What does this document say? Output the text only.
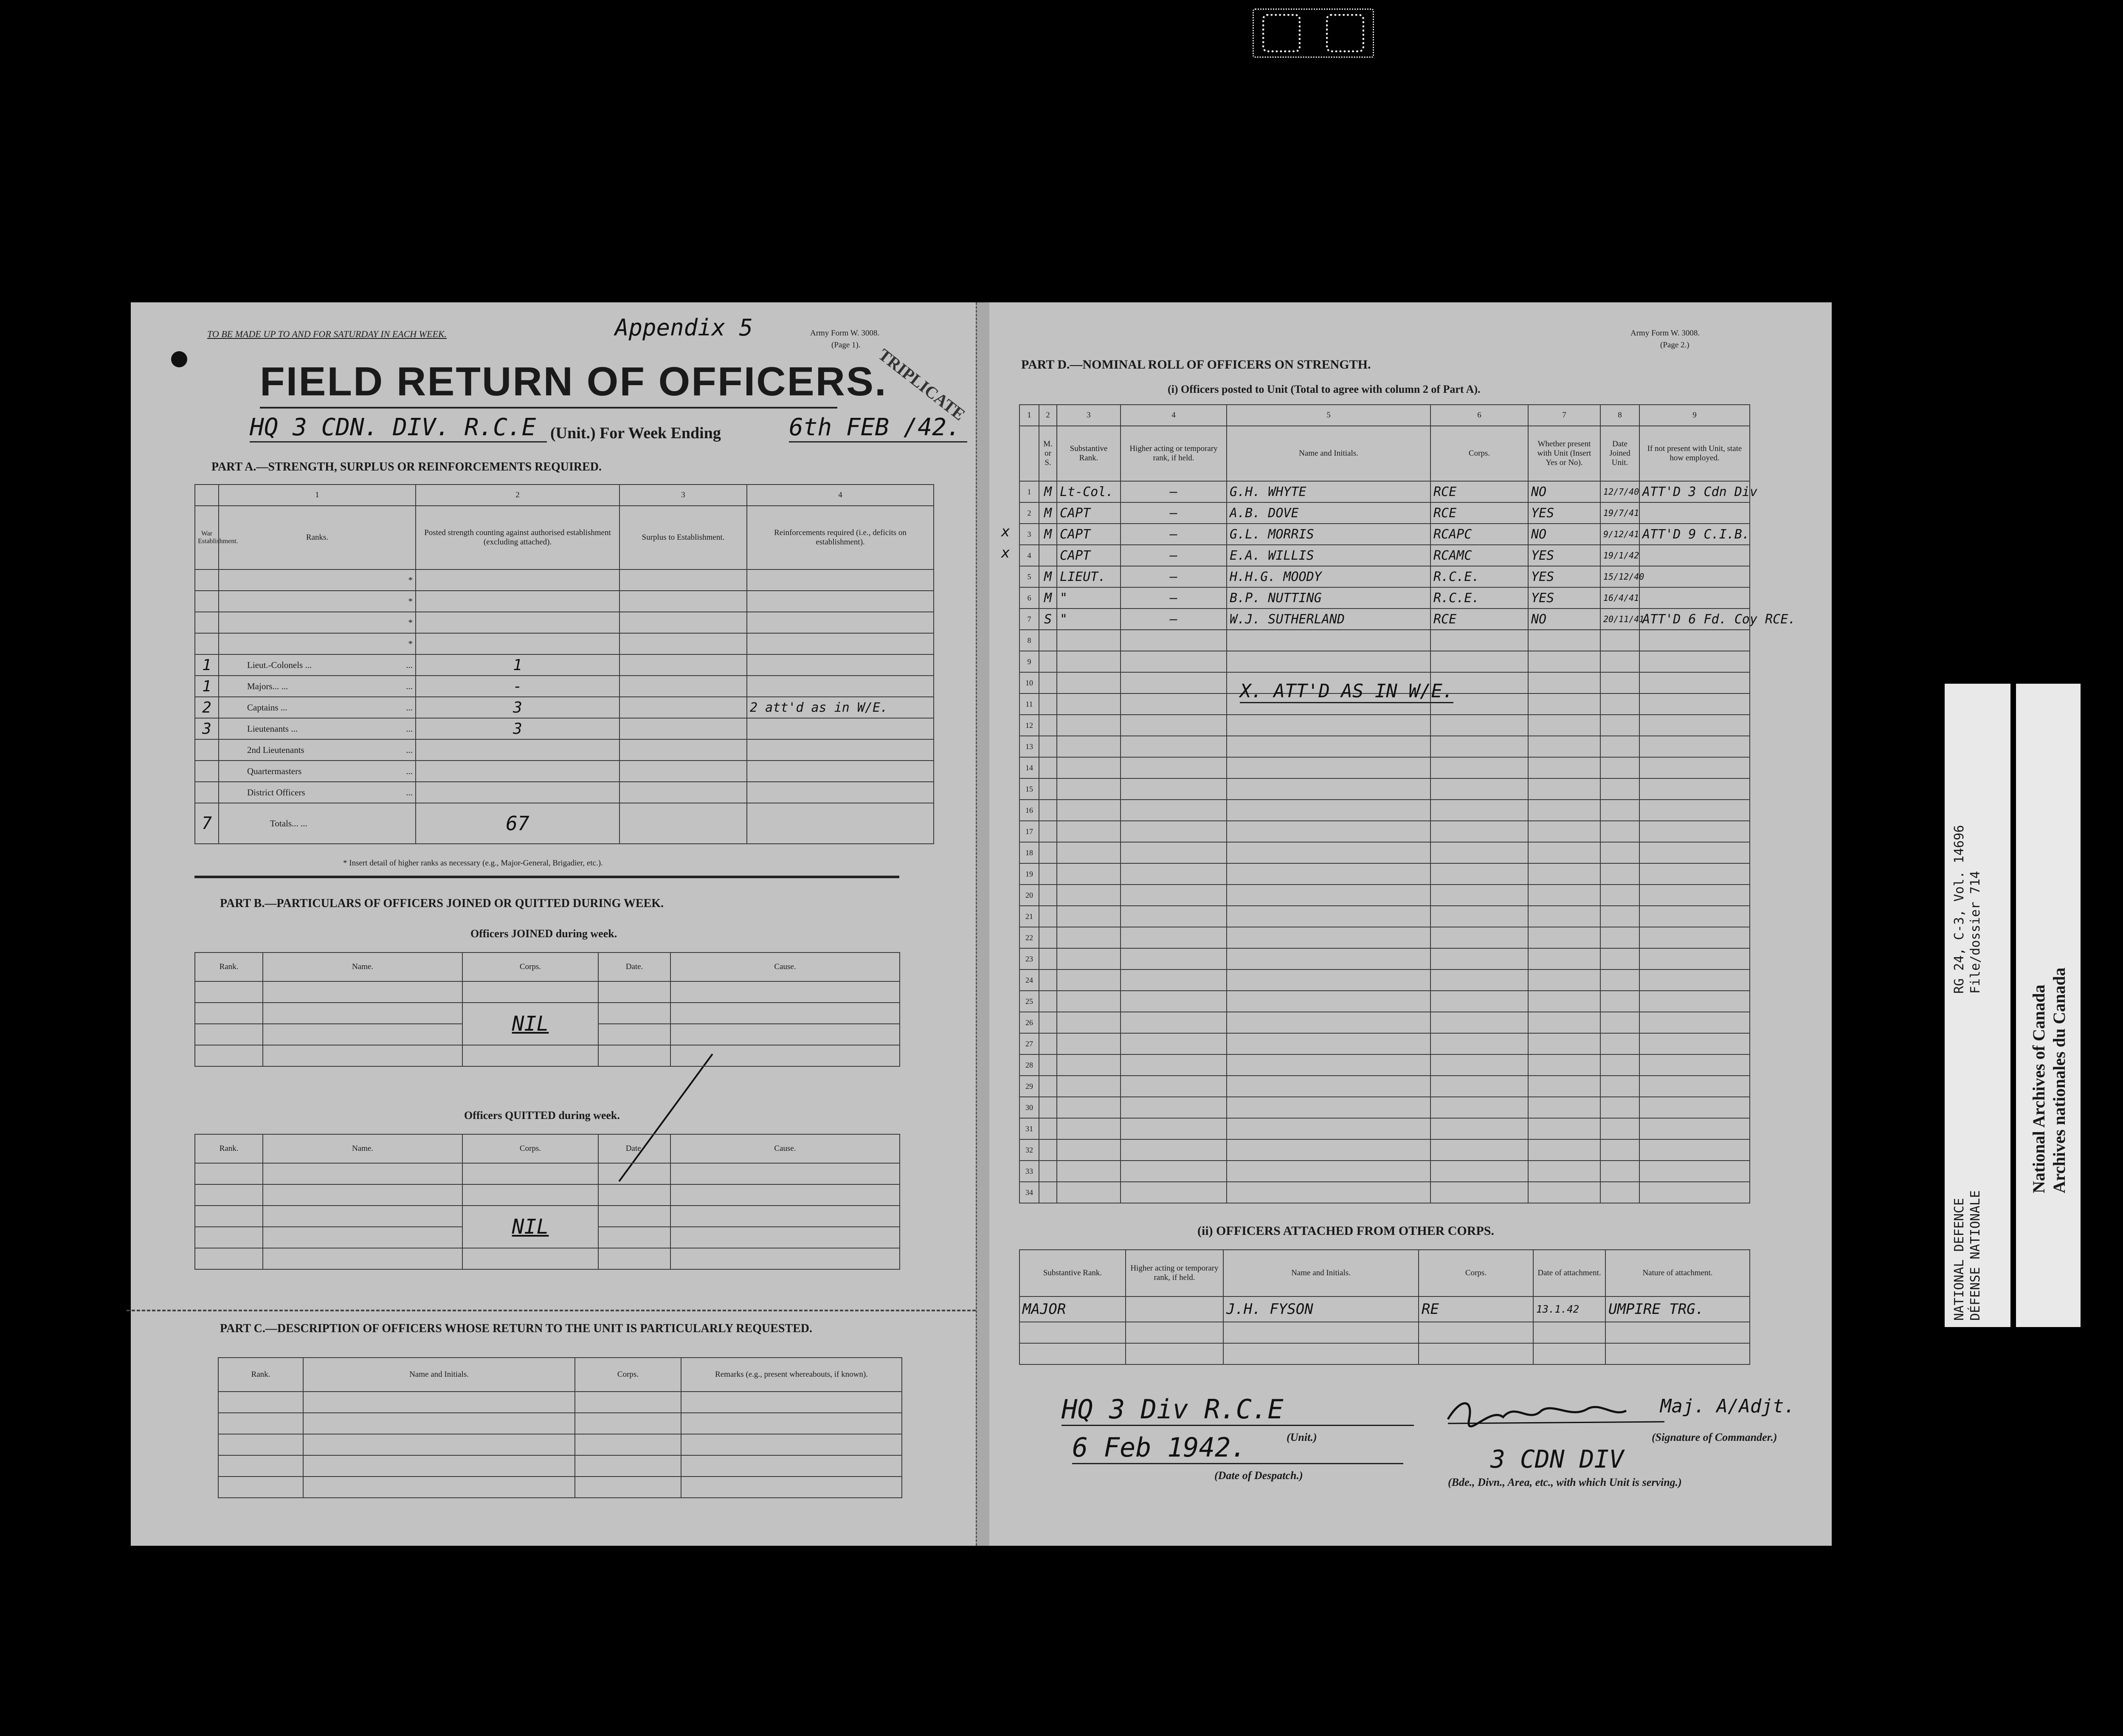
TO BE MADE UP TO AND FOR SATURDAY IN EACH WEEK.	Appendix 5	Army Form W. 3008.
(Page 1). TRIPLICATE
FIELD RETURN OF OFFICERS.
HQ 3 CDN. DIV. R.C.E (Unit.) For Week Ending	6th FEB /42.
PART A.—STRENGTH, SURPLUS OR REINFORCEMENTS REQUIRED.
	1	2	3	4
War Establishment.	Ranks.	Posted strength counting against authorised establishment (excluding attached).	Surplus to Establishment.	Reinforcements required (i.e., deficits on establishment).

	*			

	*			

	*			

	*			

1	Lieut.-Colonels ... ...	1		
1	Majors... ... ...	-		
2	Captains ... ...	3		2 att'd as in W/E.
3	Lieutenants ... ...	3		
	2nd Lieutenants ...			

	Quartermasters ...			

	District Officers ...			

7	Totals... ...	67		
* Insert detail of higher ranks as necessary (e.g., Major-General, Brigadier, etc.).
PART B.—PARTICULARS OF OFFICERS JOINED OR QUITTED DURING WEEK.
Officers JOINED during week.
Rank.	Name.	Corps.	Date.	Cause.

		NIL		

Officers QUITTED during week.
Rank.	Name.	Corps.	Date.	Cause.

		NIL		

PART C.—DESCRIPTION OF OFFICERS WHOSE RETURN TO THE UNIT IS PARTICULARLY REQUESTED.
Rank.	Name and Initials.	Corps.	Remarks (e.g., present whereabouts, if known).

Army Form W. 3008.
(Page 2.)
PART D.—NOMINAL ROLL OF OFFICERS ON STRENGTH.
(i) Officers posted to Unit (Total to agree with column 2 of Part A).
1	2	3	4	5	6	7	8	9
	M. or S.	Substantive Rank.	Higher acting or temporary rank, if held.	Name and Initials.	Corps.	Whether present with Unit (Insert Yes or No).	Date Joined Unit.	If not present with Unit, state how employed.
1	M	Lt-Col.	—	G.H. WHYTE	RCE	NO	12/7/40	ATT'D 3 Cdn Div
2	M	CAPT	—	A.B. DOVE	RCE	YES	19/7/41	
3	M	CAPT	—	G.L. MORRIS	RCAPC	NO	9/12/41	ATT'D 9 C.I.B.
4		CAPT	—	E.A. WILLIS	RCAMC	YES	19/1/42	
5	M	LIEUT.	—	H.H.G. MOODY	R.C.E.	YES	15/12/40	
6	M	"	—	B.P. NUTTING	R.C.E.	YES	16/4/41	
7	S	"	—	W.J. SUTHERLAND	RCE	NO	20/11/41	ATT'D 6 Fd. Coy RCE.
8								
9								
10								
11								
12								
13								
14								
15								
16								
17								
18								
19								
20								
21								
22								
23								
24								
25								
26								
27								
28								
29								
30								
31								
32								
33								
34								
X. ATT'D AS IN W/E.
(ii) OFFICERS ATTACHED FROM OTHER CORPS.
Substantive Rank.	Higher acting or temporary rank, if held.	Name and Initials.	Corps.	Date of attachment.	Nature of attachment.
MAJOR		J.H. FYSON	RE	13.1.42	UMPIRE TRG.

HQ 3 Div R.C.E
(Unit.)
6 Feb 1942.
(Date of Despatch.)
Maj. A/Adjt.
(Signature of Commander.)
3 CDN DIV
(Bde., Divn., Area, etc., with which Unit is serving.)
x
x
RG 24, C-3, Vol. 14696 File/dossier 714
NATIONAL DEFENCE DÉFENSE NATIONALE
National Archives of Canada Archives nationales du Canada
